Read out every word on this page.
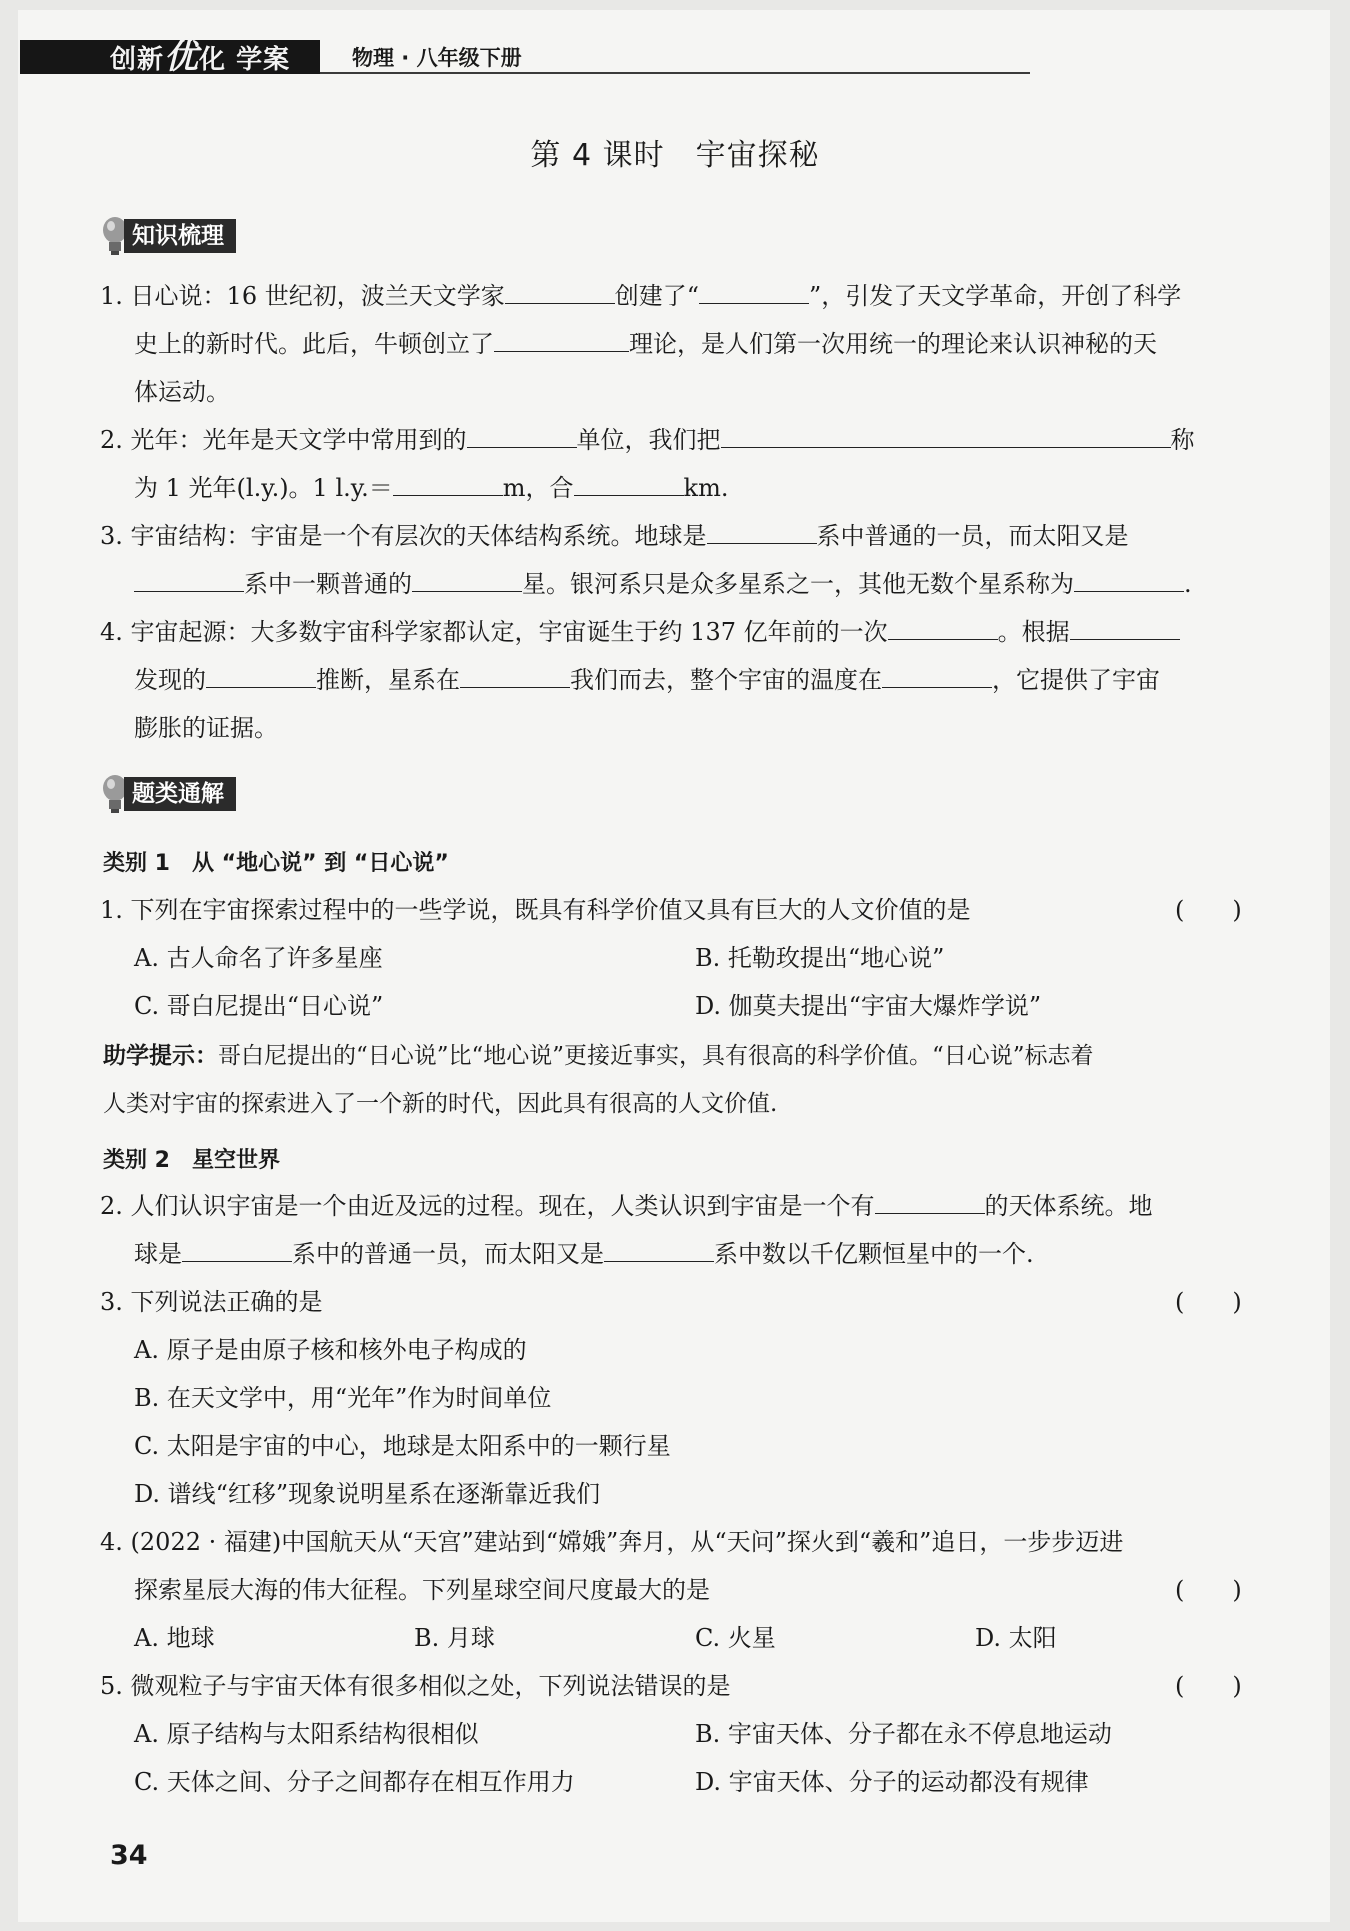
创新优化 学案	物理 · 八年级下册
第 4 课时　宇宙探秘
知识梳理
1. 日心说：16 世纪初，波兰天文学家	创建了“	”，引发了天文学革命，开创了科学
史上的新时代。此后，牛顿创立了	理论，是人们第一次用统一的理论来认识神秘的天
体运动。
2. 光年：光年是天文学中常用到的	单位，我们把	称
为 1 光年(l.y.)。1 l.y.＝	m，合	km.
3. 宇宙结构：宇宙是一个有层次的天体结构系统。地球是	系中普通的一员，而太阳又是
系中一颗普通的	星。银河系只是众多星系之一，其他无数个星系称为	.
4. 宇宙起源：大多数宇宙科学家都认定，宇宙诞生于约 137 亿年前的一次	。根据
发现的	推断，星系在	我们而去，整个宇宙的温度在	，它提供了宇宙
膨胀的证据。
题类通解
类别 1　从 “地心说” 到 “日心说”
1. 下列在宇宙探索过程中的一些学说，既具有科学价值又具有巨大的人文价值的是	(　　)
A. 古人命名了许多星座	B. 托勒玫提出“地心说”
C. 哥白尼提出“日心说”	D. 伽莫夫提出“宇宙大爆炸学说”
助学提示：哥白尼提出的“日心说”比“地心说”更接近事实，具有很高的科学价值。“日心说”标志着
人类对宇宙的探索进入了一个新的时代，因此具有很高的人文价值.
类别 2　星空世界
2. 人们认识宇宙是一个由近及远的过程。现在，人类认识到宇宙是一个有	的天体系统。地
球是	系中的普通一员，而太阳又是	系中数以千亿颗恒星中的一个.
3. 下列说法正确的是	(　　)
A. 原子是由原子核和核外电子构成的
B. 在天文学中，用“光年”作为时间单位
C. 太阳是宇宙的中心，地球是太阳系中的一颗行星
D. 谱线“红移”现象说明星系在逐渐靠近我们
4. (2022 · 福建)中国航天从“天宫”建站到“嫦娥”奔月，从“天问”探火到“羲和”追日，一步步迈进
探索星辰大海的伟大征程。下列星球空间尺度最大的是	(　　)
A. 地球	B. 月球	C. 火星	D. 太阳
5. 微观粒子与宇宙天体有很多相似之处，下列说法错误的是	(　　)
A. 原子结构与太阳系结构很相似	B. 宇宙天体、分子都在永不停息地运动
C. 天体之间、分子之间都存在相互作用力	D. 宇宙天体、分子的运动都没有规律
34
